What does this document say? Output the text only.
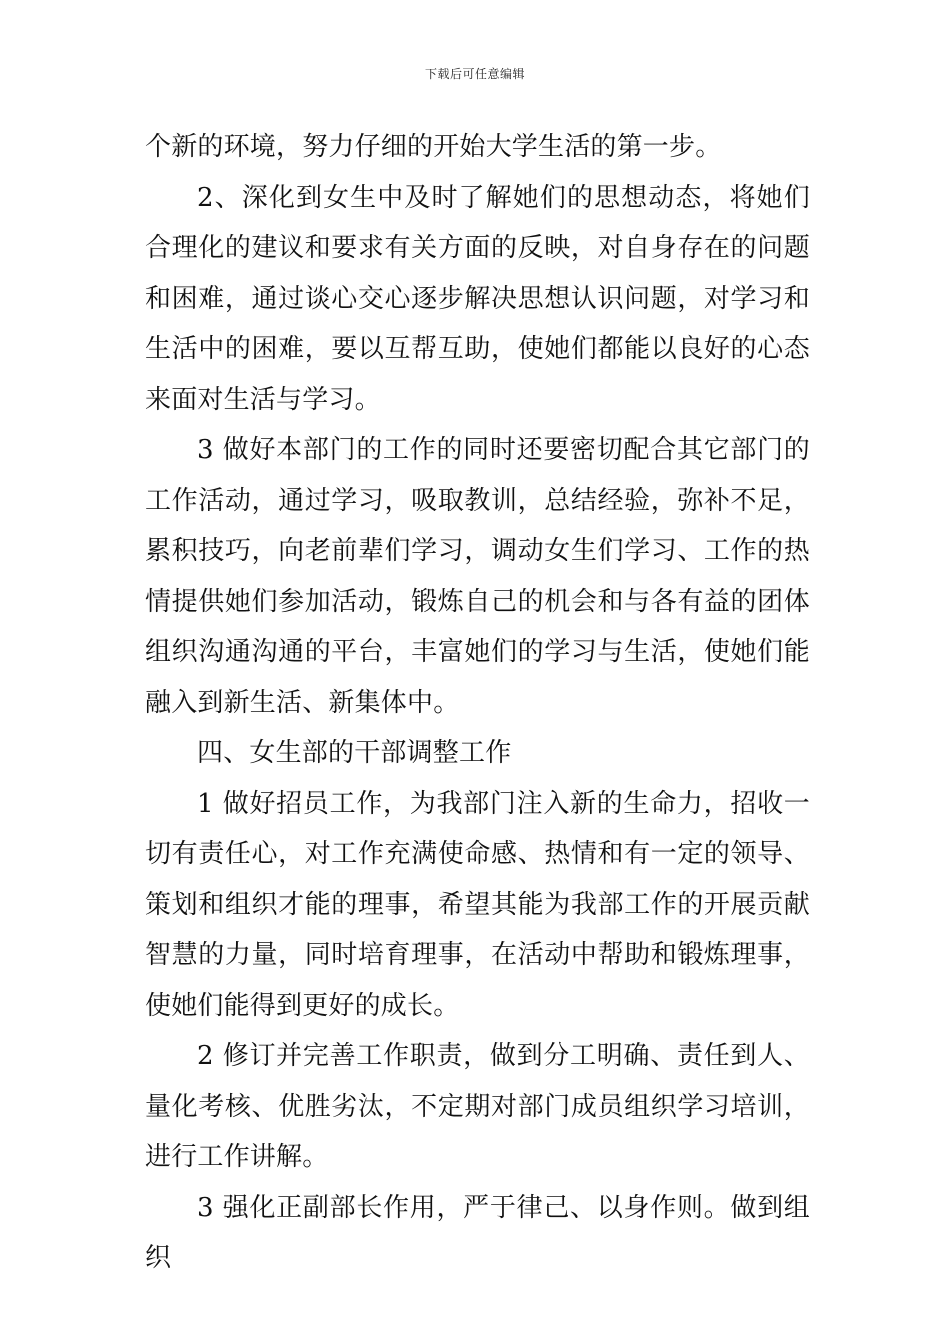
下载后可任意编辑

个新的环境，努力仔细的开始大学生活的第一步。

2、深化到女生中及时了解她们的思想动态，将她们合理化的建议和要求有关方面的反映，对自身存在的问题和困难，通过谈心交心逐步解决思想认识问题，对学习和生活中的困难，要以互帮互助，使她们都能以良好的心态来面对生活与学习。

3 做好本部门的工作的同时还要密切配合其它部门的工作活动，通过学习，吸取教训，总结经验，弥补不足，累积技巧，向老前辈们学习，调动女生们学习、工作的热情提供她们参加活动，锻炼自己的机会和与各有益的团体组织沟通沟通的平台，丰富她们的学习与生活，使她们能融入到新生活、新集体中。

四、女生部的干部调整工作

1 做好招员工作，为我部门注入新的生命力，招收一切有责任心，对工作充满使命感、热情和有一定的领导、策划和组织才能的理事，希望其能为我部工作的开展贡献智慧的力量，同时培育理事，在活动中帮助和锻炼理事，使她们能得到更好的成长。

2 修订并完善工作职责，做到分工明确、责任到人、量化考核、优胜劣汰，不定期对部门成员组织学习培训，进行工作讲解。

3 强化正副部长作用，严于律己、以身作则。做到组织
